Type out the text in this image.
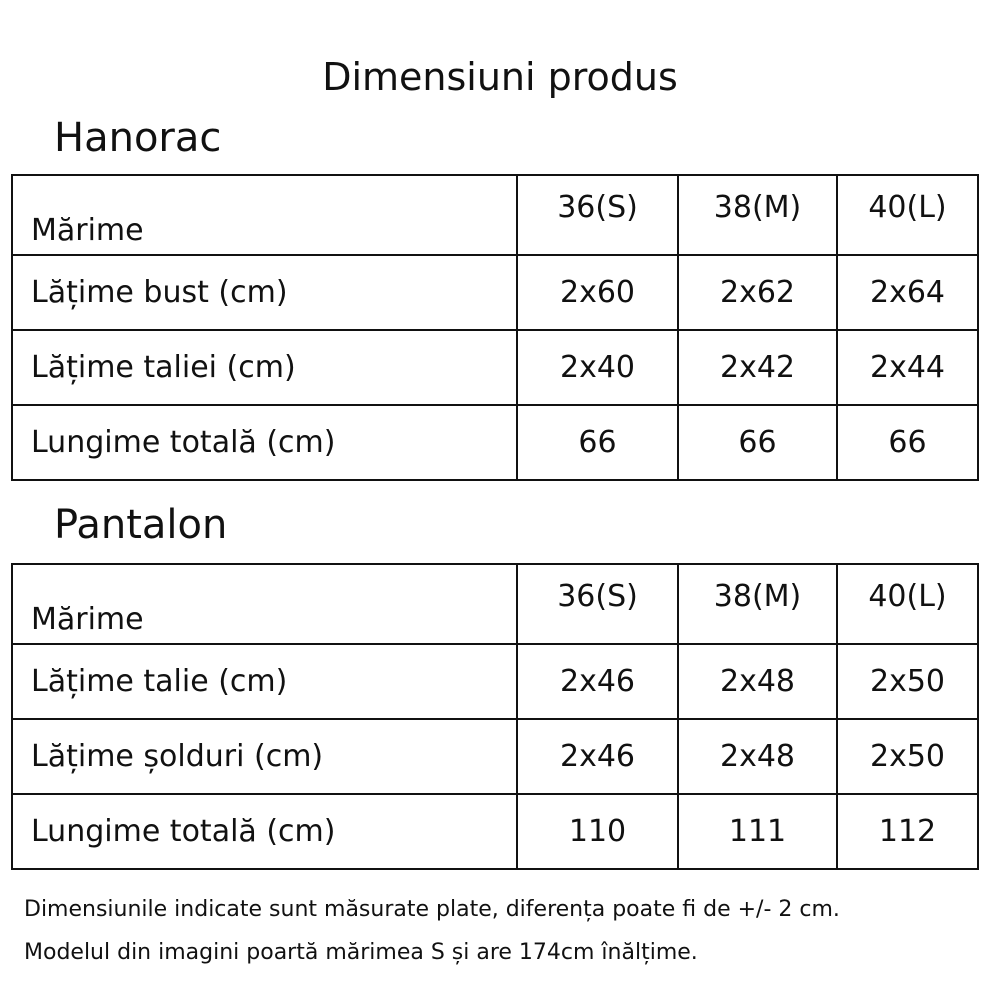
Dimensiuni produs
Hanorac
Mărime	36(S)	38(M)	40(L)
Lățime bust (cm)	2x60	2x62	2x64
Lățime taliei (cm)	2x40	2x42	2x44
Lungime totală (cm)	66	66	66
Pantalon
Mărime	36(S)	38(M)	40(L)
Lățime talie (cm)	2x46	2x48	2x50
Lățime șolduri (cm)	2x46	2x48	2x50
Lungime totală (cm)	110	111	112
Dimensiunile indicate sunt măsurate plate, diferența poate fi de +/- 2 cm.
Modelul din imagini poartă mărimea S și are 174cm înălțime.
